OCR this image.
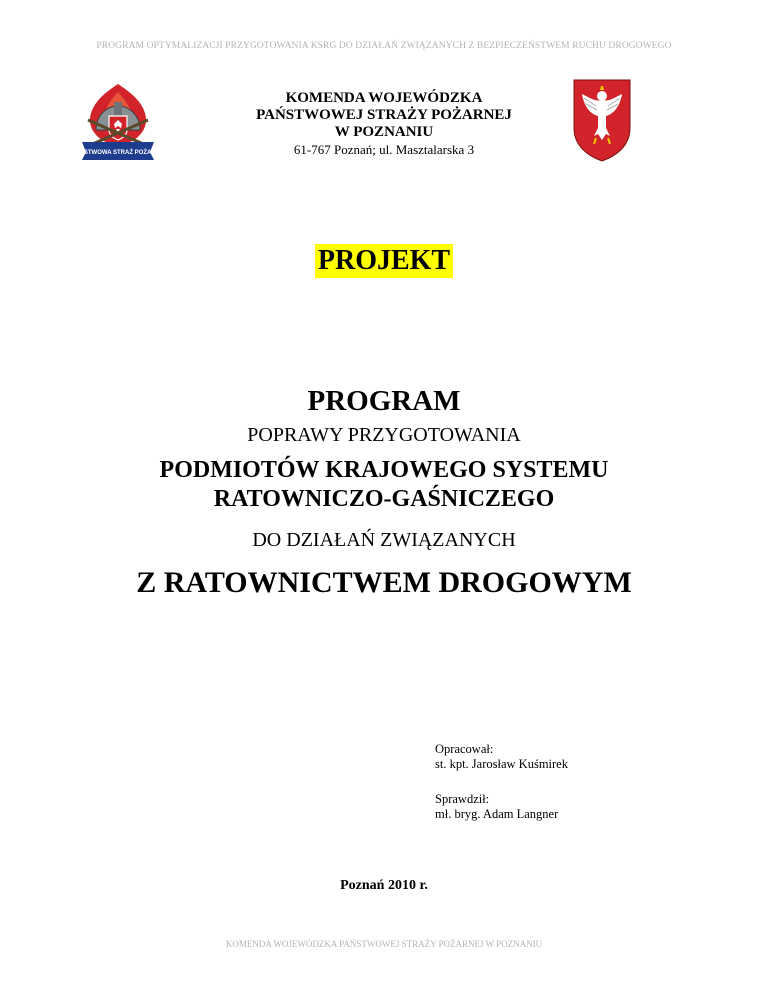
PROGRAM OPTYMALIZACJI PRZYGOTOWANIA KSRG DO DZIAŁAŃ ZWIĄZANYCH Z BEZPIECZEŃSTWEM RUCHU DROGOWEGO
PAŃSTWOWA STRAŻ POŻARNA
KOMENDA WOJEWÓDZKA
PAŃSTWOWEJ STRAŻY POŻARNEJ
W POZNANIU
61-767 Poznań; ul. Masztalarska 3
PROJEKT
PROGRAM
POPRAWY PRZYGOTOWANIA
PODMIOTÓW KRAJOWEGO SYSTEMU
RATOWNICZO-GAŚNICZEGO
DO DZIAŁAŃ ZWIĄZANYCH
Z RATOWNICTWEM DROGOWYM
Opracował:
st. kpt. Jarosław Kuśmirek
Sprawdził:
mł. bryg. Adam Langner
Poznań 2010 r.
KOMENDA WOJEWÓDZKA PAŃSTWOWEJ STRAŻY POŻARNEJ W POZNANIU
